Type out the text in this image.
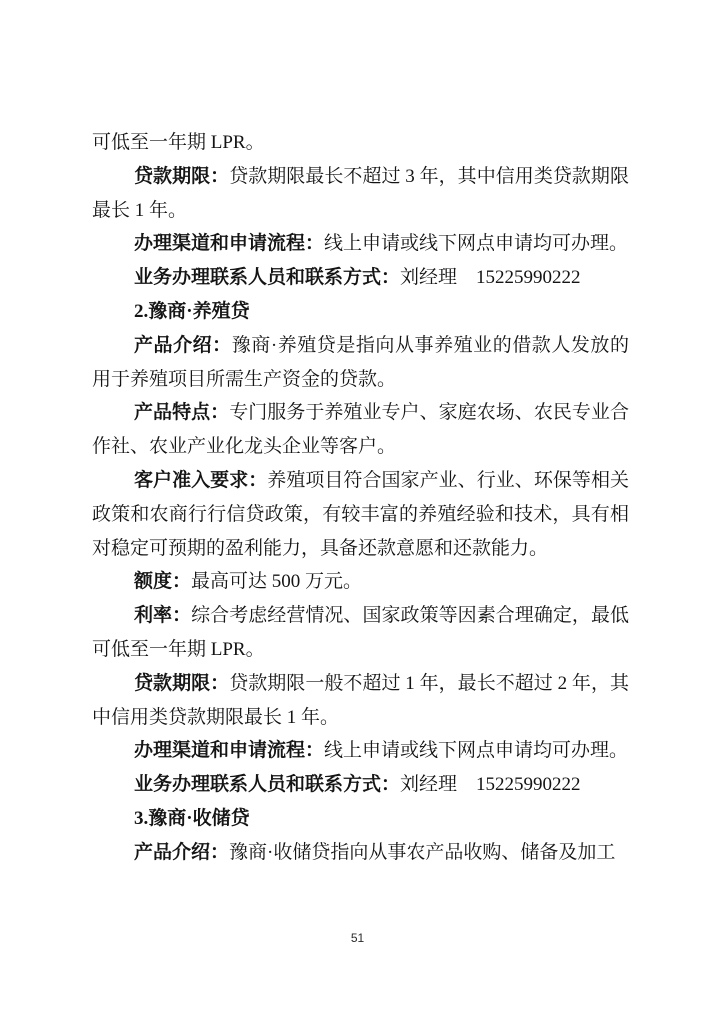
可低至一年期 LPR。

贷款期限：贷款期限最长不超过 3 年，其中信用类贷款期限最长 1 年。

办理渠道和申请流程：线上申请或线下网点申请均可办理。

业务办理联系人员和联系方式：刘经理　15225990222

2.豫商·养殖贷

产品介绍：豫商·养殖贷是指向从事养殖业的借款人发放的用于养殖项目所需生产资金的贷款。

产品特点：专门服务于养殖业专户、家庭农场、农民专业合作社、农业产业化龙头企业等客户。

客户准入要求：养殖项目符合国家产业、行业、环保等相关政策和农商行行信贷政策，有较丰富的养殖经验和技术，具有相对稳定可预期的盈利能力，具备还款意愿和还款能力。

额度：最高可达 500 万元。

利率：综合考虑经营情况、国家政策等因素合理确定，最低可低至一年期 LPR。

贷款期限：贷款期限一般不超过 1 年，最长不超过 2 年，其中信用类贷款期限最长 1 年。

办理渠道和申请流程：线上申请或线下网点申请均可办理。

业务办理联系人员和联系方式：刘经理　15225990222

3.豫商·收储贷

产品介绍：豫商·收储贷指向从事农产品收购、储备及加工

51
